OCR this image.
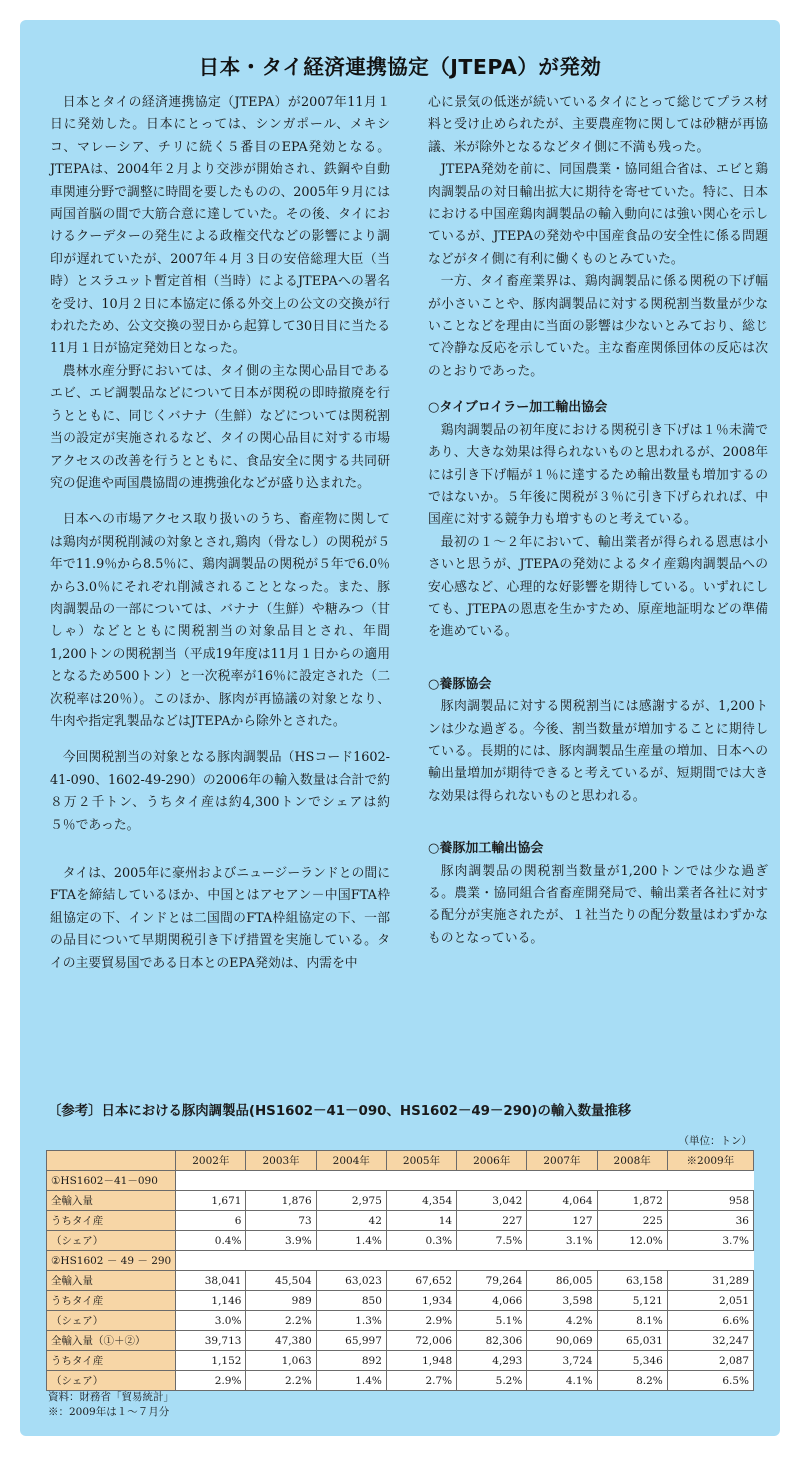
日本・タイ経済連携協定（JTEPA）が発効

日本とタイの経済連携協定（JTEPA）が2007年11月１日に発効した。日本にとっては、シンガポール、メキシコ、マレーシア、チリに続く５番目のEPA発効となる。JTEPAは、2004年２月より交渉が開始され、鉄鋼や自動車関連分野で調整に時間を要したものの、2005年９月には両国首脳の間で大筋合意に達していた。その後、タイにおけるクーデターの発生による政権交代などの影響により調印が遅れていたが、2007年４月３日の安倍総理大臣（当時）とスラユット暫定首相（当時）によるJTEPAへの署名を受け、10月２日に本協定に係る外交上の公文の交換が行われたため、公文交換の翌日から起算して30日目に当たる11月１日が協定発効日となった。

農林水産分野においては、タイ側の主な関心品目であるエビ、エビ調製品などについて日本が関税の即時撤廃を行うとともに、同じくバナナ（生鮮）などについては関税割当の設定が実施されるなど、タイの関心品目に対する市場アクセスの改善を行うとともに、食品安全に関する共同研究の促進や両国農協間の連携強化などが盛り込まれた。

日本への市場アクセス取り扱いのうち、畜産物に関しては鶏肉が関税削減の対象とされ,鶏肉（骨なし）の関税が５年で11.9％から8.5％に、鶏肉調製品の関税が５年で6.0％から3.0％にそれぞれ削減されることとなった。また、豚肉調製品の一部については、バナナ（生鮮）や糖みつ（甘しゃ）などとともに関税割当の対象品目とされ、年間1,200トンの関税割当（平成19年度は11月１日からの適用となるため500トン）と一次税率が16％に設定された（二次税率は20％）。このほか、豚肉が再協議の対象となり、牛肉や指定乳製品などはJTEPAから除外とされた。

今回関税割当の対象となる豚肉調製品（HSコード1602-41-090、1602-49-290）の2006年の輸入数量は合計で約８万２千トン、うちタイ産は約4,300トンでシェアは約５％であった。

タイは、2005年に豪州およびニュージーランドとの間にFTAを締結しているほか、中国とはアセアン－中国FTA枠組協定の下、インドとは二国間のFTA枠組協定の下、一部の品目について早期関税引き下げ措置を実施している。タイの主要貿易国である日本とのEPA発効は、内需を中

心に景気の低迷が続いているタイにとって総じてプラス材料と受け止められたが、主要農産物に関しては砂糖が再協議、米が除外となるなどタイ側に不満も残った。

JTEPA発効を前に、同国農業・協同組合省は、エビと鶏肉調製品の対日輸出拡大に期待を寄せていた。特に、日本における中国産鶏肉調製品の輸入動向には強い関心を示しているが、JTEPAの発効や中国産食品の安全性に係る問題などがタイ側に有利に働くものとみていた。

一方、タイ畜産業界は、鶏肉調製品に係る関税の下げ幅が小さいことや、豚肉調製品に対する関税割当数量が少ないことなどを理由に当面の影響は少ないとみており、総じて冷静な反応を示していた。主な畜産関係団体の反応は次のとおりであった。

○タイブロイラー加工輸出協会

鶏肉調製品の初年度における関税引き下げは１％未満であり、大きな効果は得られないものと思われるが、2008年には引き下げ幅が１％に達するため輸出数量も増加するのではないか。５年後に関税が３％に引き下げられれば、中国産に対する競争力も増すものと考えている。

最初の１～２年において、輸出業者が得られる恩恵は小さいと思うが、JTEPAの発効によるタイ産鶏肉調製品への安心感など、心理的な好影響を期待している。いずれにしても、JTEPAの恩恵を生かすため、原産地証明などの準備を進めている。

○養豚協会

豚肉調製品に対する関税割当には感謝するが、1,200トンは少な過ぎる。今後、割当数量が増加することに期待している。長期的には、豚肉調製品生産量の増加、日本への輸出量増加が期待できると考えているが、短期間では大きな効果は得られないものと思われる。

○養豚加工輸出協会

豚肉調製品の関税割当数量が1,200トンでは少な過ぎる。農業・協同組合省畜産開発局で、輸出業者各社に対する配分が実施されたが、１社当たりの配分数量はわずかなものとなっている。

〔参考〕日本における豚肉調製品(HS1602－41－090、HS1602－49－290)の輸入数量推移
（単位：トン）
	2002年	2003年	2004年	2005年	2006年	2007年	2008年	※2009年
①HS1602－41－090								
全輸入量	1,671	1,876	2,975	4,354	3,042	4,064	1,872	958
うちタイ産	6	73	42	14	227	127	225	36
（シェア）	0.4%	3.9%	1.4%	0.3%	7.5%	3.1%	12.0%	3.7%
②HS1602 － 49 － 290								
全輸入量	38,041	45,504	63,023	67,652	79,264	86,005	63,158	31,289
うちタイ産	1,146	989	850	1,934	4,066	3,598	5,121	2,051
（シェア）	3.0%	2.2%	1.3%	2.9%	5.1%	4.2%	8.1%	6.6%
全輸入量（①＋②）	39,713	47,380	65,997	72,006	82,306	90,069	65,031	32,247
うちタイ産	1,152	1,063	892	1,948	4,293	3,724	5,346	2,087
（シェア）	2.9%	2.2%	1.4%	2.7%	5.2%	4.1%	8.2%	6.5%
資料：財務省「貿易統計」
※：2009年は１～７月分
